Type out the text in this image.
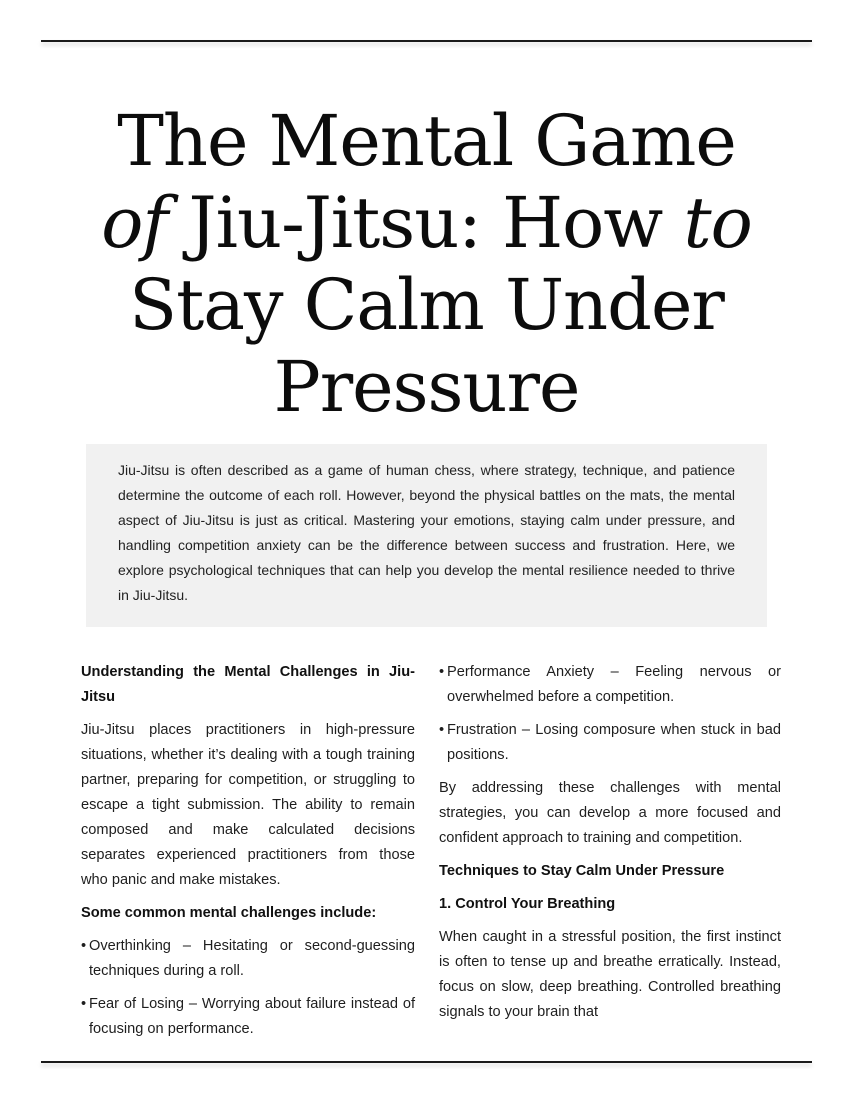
The Mental Game
of Jiu-Jitsu: How to
Stay Calm Under
Pressure

Jiu-Jitsu is often described as a game of human chess, where strategy, technique, and patience determine the outcome of each roll. However, beyond the physical battles on the mats, the mental aspect of Jiu-Jitsu is just as critical. Mastering your emotions, staying calm under pressure, and handling competition anxiety can be the difference between success and frustration. Here, we explore psychological techniques that can help you develop the mental resilience needed to thrive in Jiu-Jitsu.

Understanding the Mental Challenges in Jiu-Jitsu

Jiu-Jitsu places practitioners in high-pressure situations, whether it’s dealing with a tough training partner, preparing for competition, or struggling to escape a tight submission. The ability to remain composed and make calculated decisions separates experienced practitioners from those who panic and make mistakes.

Some common mental challenges include:
• Overthinking – Hesitating or second-guessing techniques during a roll.
• Fear of Losing – Worrying about failure instead of focusing on performance.
• Performance Anxiety – Feeling nervous or overwhelmed before a competition.
• Frustration – Losing composure when stuck in bad positions.

By addressing these challenges with mental strategies, you can develop a more focused and confident approach to training and competition.

Techniques to Stay Calm Under Pressure
1. Control Your Breathing

When caught in a stressful position, the first instinct is often to tense up and breathe erratically. Instead, focus on slow, deep breathing. Controlled breathing signals to your brain that
